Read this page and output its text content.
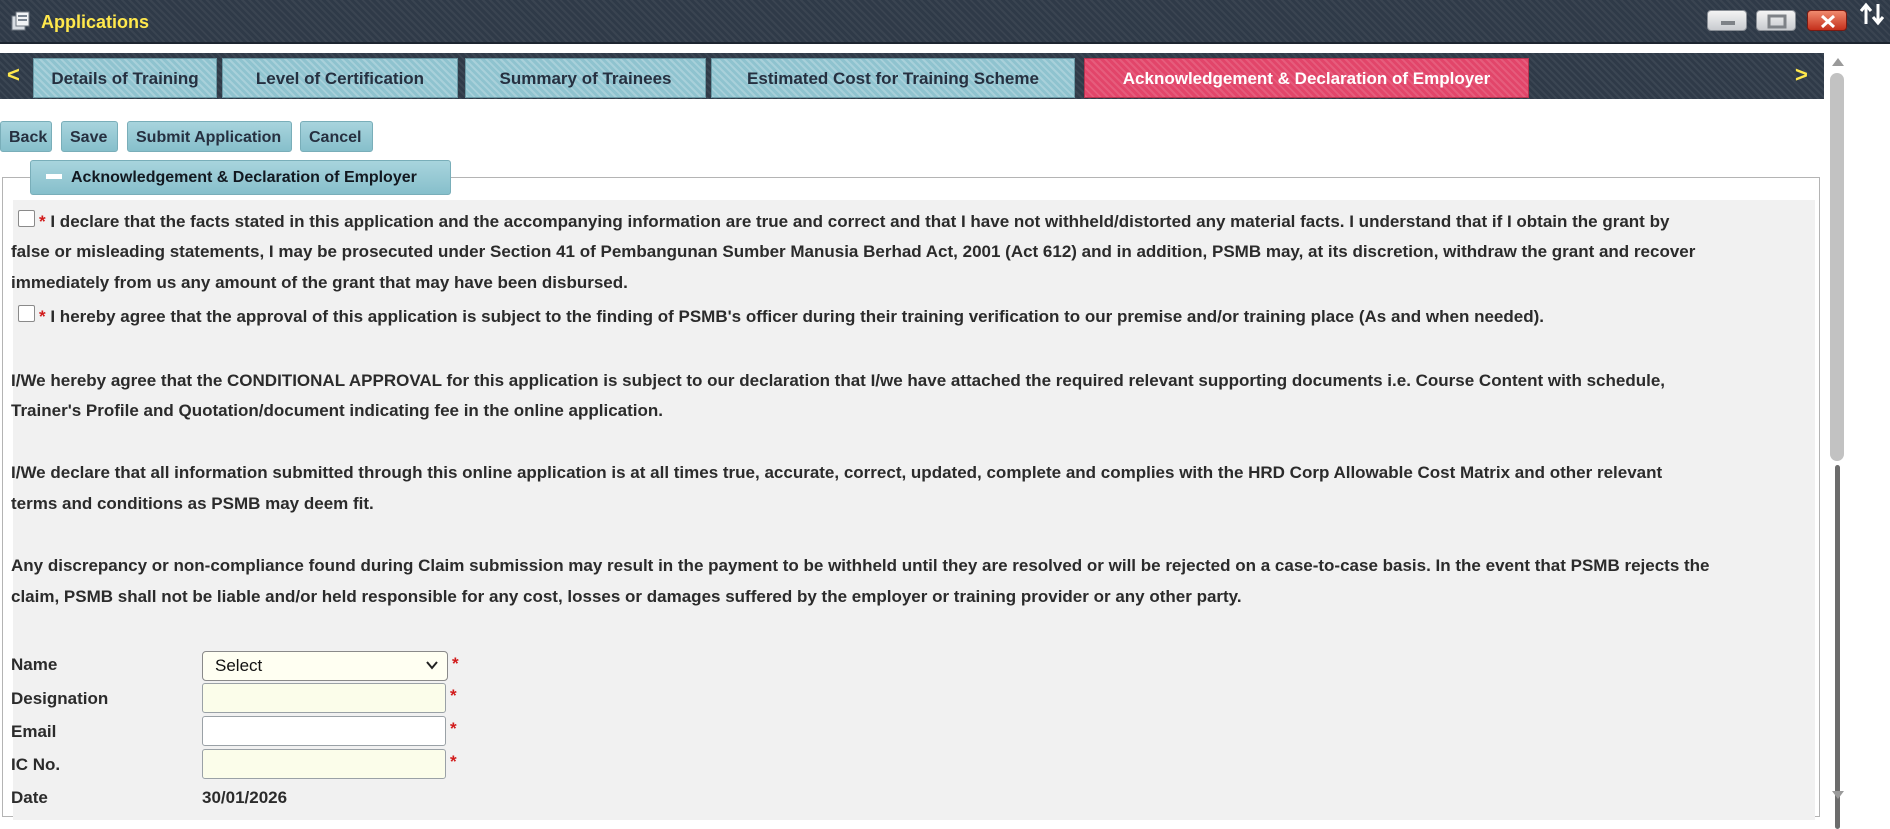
Applications
<	Details of Training	Level of Certification	Summary of Trainees	Estimated Cost for Training Scheme	Acknowledgement & Declaration of Employer	>
Back	Save	Submit Application	Cancel
Acknowledgement & Declaration of Employer
* I declare that the facts stated in this application and the accompanying information are true and correct and that I have not withheld/distorted any material facts. I understand that if I obtain the grant by
false or misleading statements, I may be prosecuted under Section 41 of Pembangunan Sumber Manusia Berhad Act, 2001 (Act 612) and in addition, PSMB may, at its discretion, withdraw the grant and recover
immediately from us any amount of the grant that may have been disbursed.
* I hereby agree that the approval of this application is subject to the finding of PSMB's officer during their training verification to our premise and/or training place (As and when needed).
I/We hereby agree that the CONDITIONAL APPROVAL for this application is subject to our declaration that I/we have attached the required relevant supporting documents i.e. Course Content with schedule,
Trainer's Profile and Quotation/document indicating fee in the online application.
I/We declare that all information submitted through this online application is at all times true, accurate, correct, updated, complete and complies with the HRD Corp Allowable Cost Matrix and other relevant
terms and conditions as PSMB may deem fit.
Any discrepancy or non-compliance found during Claim submission may result in the payment to be withheld until they are resolved or will be rejected on a case-to-case basis. In the event that PSMB rejects the
claim, PSMB shall not be liable and/or held responsible for any cost, losses or damages suffered by the employer or training provider or any other party.
Name	Select	*
Designation	*
Email	*
IC No.	*
Date	30/01/2026
